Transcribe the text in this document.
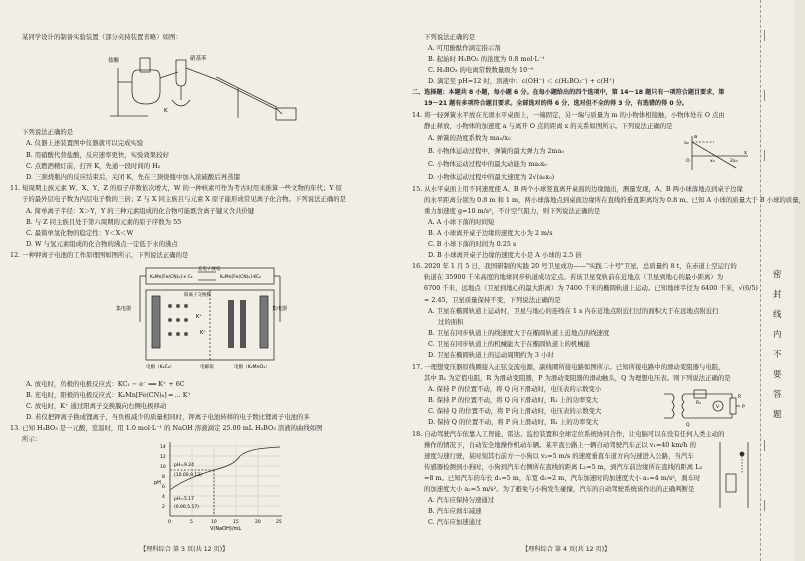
某同学设计的制备实验装置（部分夹持装置省略）如图：
盐酸	硝基苯
K
下列说法正确的是
A. 仪器上述装置图中仪器就可以完成实验
B. 用硝酸代替盐酸，反应速率更快，实验效果较好
C. 点燃酒精灯前，打开 K，先通一段时间的 H₂
D. 三颈烧瓶内的反应结束后，关闭 K，先在三颈烧瓶中加入浓硫酸后再蒸馏
11. 短周期主族元素 W、X、Y、Z 的原子序数依次增大，W 的一种核素可作为考古时用来推算一些文物的年代；Y 原
子的最外层电子数为内层电子数的三倍；Z 与 X 同主族且与元素 X 原子能形成常见离子化合物。下列说法正确的是
A. 简单离子半径：X＞Y，Y 的三种元素组成的化合物可能既含离子键又含共价键
B. 与 Z 同主族且处于第六周期的元素的原子序数为 55
C. 最简单氢化物的稳定性：Y＜X＜W
D. W 与氢元素组成的化合物的沸点一定低于水的沸点
12. 一种钾离子电池的工作原理图如图所示，下列说法正确的是
K₂Mn[Fe(CN)₆]·x C₆
充电 / 放电
K₂Mn[Fe(CN)₆]·KC₆
阳离子交换膜
集电器	集电器
K⁺
K⁺
电极（K₂C₆）	电解质	电极（K₂MnO₄）
A. 放电时，负极的电极反应式：KC₁ − e⁻ ══ K⁺ + 6C
B. 充电时，阳极的电极反应式：K₂Mn[Fe(CN)₆] ═ ... K⁺
C. 放电时，K⁺ 通过阳离子交换膜向右侧电极移动
D. 若仅把钾离子换成锂离子，当负极减少的质量相同时，钾离子电池转移的电子数比锂离子电池的多
13. 已知 H₃BO₃ 是一元酸，室温时，用 1.0 mol·L⁻¹ 的 NaOH 溶液滴定 25.00 mL H₃BO₃ 溶液的曲线如图
所示：
pH=9.24
(10.00,9.12)
pH=5.17
(0.00,5.17)
pH
V(NaOH)/mL
14
12
10
8
6
4
2
0	5	10	15	20	25
【理科综合 第 3 页(共 12 页)】
下列说法正确的是
A. 可用酚酞作滴定指示剂
B. 起始时 H₃BO₃ 的浓度为 0.8 mol·L⁻¹
C. H₃BO₃ 的电离常数数量级为 10⁻⁹
D. 滴定至 pH=12 时，溶液中：c(OH⁻) ＜ c(H₂BO₃⁻) + c(H⁺)
二、选择题：本题共 8 小题，每小题 6 分。在每小题给出的四个选项中，第 14～18 题只有一项符合题目要求，第
19～21 题有多项符合题目要求。全部选对的得 6 分，选对但不全的得 3 分，有选错的得 0 分。
14. 将一轻弹簧水平放在光滑水平桌面上，一端固定，另一端与质量为 m 的小物体相接触，小物体处在 O 点由
静止释放，小物体的加速度 a 与离开 O 点的距离 x 的关系如图所示。下列说法正确的是
A. 弹簧的劲度系数为 ma₀/x₀
B. 小物体运动过程中，弹簧的最大弹力为 2ma₀
C. 小物体运动过程中的最大动能为 ma₀x₀
D. 小物体运动过程中的最大速度为 2√(a₀x₀)
a
x
a₀
x₀	2x₀
O
15. 从水平桌面上用不同速度使 A、B 两个小球竖直离开桌面的边缘抛出，测量发现，A、B 两小球落地点到桌子边缘
的水平距离分别为 0.8 m 和 1 m，两小球落地点到桌面边缘所在直线的垂直距离均为 0.8 m。已知 A 小球的质量大于 B 小球的质量，
重力加速度 g=10 m/s²，不计空气阻力，则下列说法正确的是
A. A 小球下落的时间短
B. A 小球离开桌子边缘的速度大小为 2 m/s
C. B 小球下落的时间为 0.25 s
D. B 小球离开桌子边缘的速度大小是 A 小球的 2.5 倍
16. 2020 年 1 月 5 日，我国研制的实践 20 号卫星成功——"实践二十号"卫星，总质量约 8 t，在赤道上空运行的
轨道在 35900 千米高度的地球同步轨道成功定点。若该卫星变轨前在近地点（卫星到地心的最小距离）为
6700 千米，远地点（卫星到地心的最大距离）为 7400 千米的椭圆轨道上运动。已知地球半径为 6400 千米，√(6/5)
= 2.45，卫星质量保持不变，下列说法正确的是
A. 卫星在椭圆轨道上运动时，卫星与地心的连线在 1 s 内在近地点附近扫过的面积大于在远地点附近扫
过的面积
B. 卫星在同步轨道上的线速度大于在椭圆轨道上近地点的线速度
C. 卫星在同步轨道上的机械能大于在椭圆轨道上的机械能
D. 卫星在椭圆轨道上的运动周期约为 3 小时
17. 一理想变压器原线圈接入正弦交流电源，副线圈所接电路如图所示。已知所接电路中的滑动变阻器与电阻，
其中 R₁ 为定值电阻，R 为滑动变阻器，P 为滑动变阻器的滑动触头，Q 为理想电压表。则下列说法正确的是
A. 保持 P 的位置不动，将 Q 向下滑动时，电压表的示数变小
B. 保持 P 的位置不动，将 Q 向下滑动时，R₁ 上的功率变大
C. 保持 Q 的位置不动，将 P 向上滑动时，电压表的示数变大
D. 保持 Q 的位置不动，将 P 向上滑动时，R₁ 上的功率变大
R₁
R
V	P
Q
18. 自动驾驶汽车依靠人工智能、雷达、监控装置和全球定位系统协同合作，让电脑可以在没有任何人类主动的
操作的情况下，自动安全地操作机动车辆。某平直公路上一辆自动驾驶汽车正以 v₁=40 km/h 的
速度匀速行驶，某时刻其右前方一小狗以 v₂=5 m/s 的速度垂直车道方向匀速进入公路，当汽车
传感器检测到小狗时，小狗到汽车右侧所在直线的距离 L₁=5 m，到汽车前边缘所在直线的距离 L₂
=8 m。已知汽车的车长 d₁=5 m，车宽 d₂=2 m，汽车加速时的加速度大小 a₁=4 m/s²，刹车时
的加速度大小 a₂=5 m/s²。为了避免与小狗发生碰撞，汽车的自动驾驶系统该作出的正确判断是
A. 汽车应保持匀速通过
B. 汽车应刹车减速
C. 汽车应加速通过
【理科综合 第 4 页(共 12 页)】
密
封
线
内
不
要
答
题
